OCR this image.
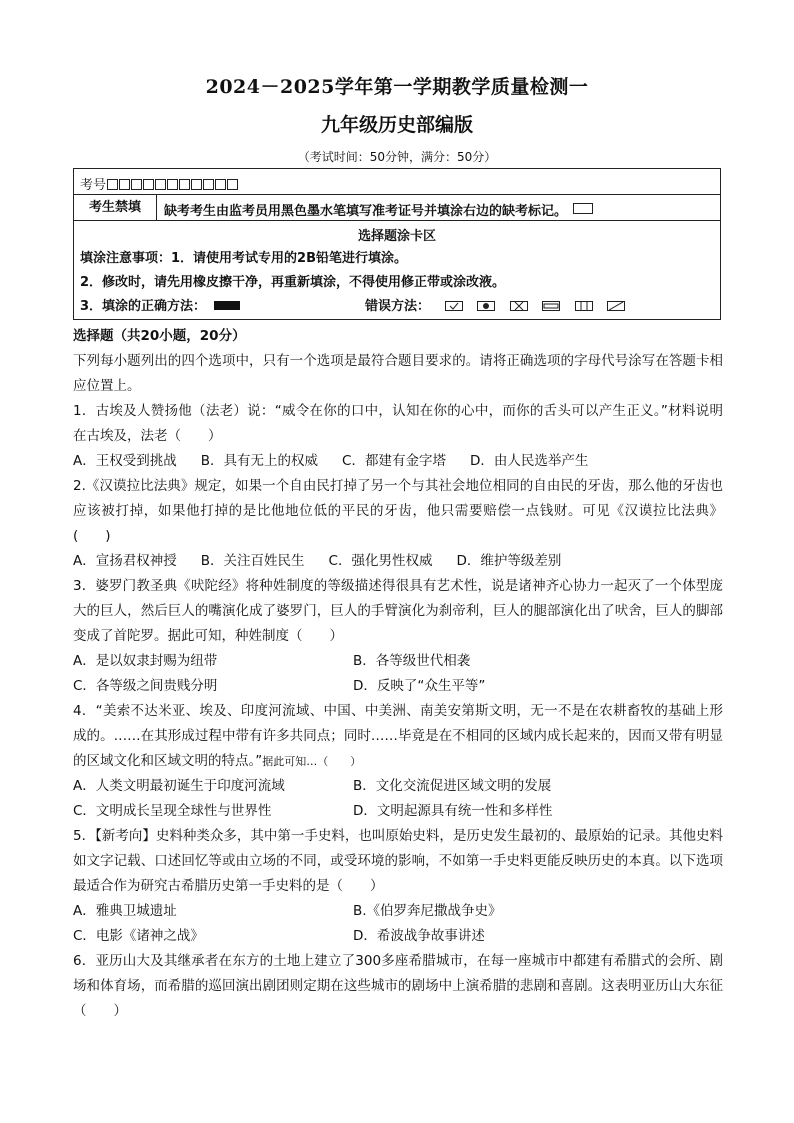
2024－2025学年第一学期教学质量检测一
九年级历史部编版
（考试时间：50分钟，满分：50分）
考号
考生禁填	缺考考生由监考员用黑色墨水笔填写准考证号并填涂右边的缺考标记。
选择题涂卡区
填涂注意事项：1．请使用考试专用的2B铅笔进行填涂。
2．修改时，请先用橡皮擦干净，再重新填涂，不得使用修正带或涂改液。
3．填涂的正确方法：	错误方法：

选择题（共20小题，20分）

下列每小题列出的四个选项中，只有一个选项是最符合题目要求的。请将正确选项的字母代号涂写在答题卡相应位置上。

1．古埃及人赞扬他（法老）说：“威令在你的口中，认知在你的心中，而你的舌头可以产生正义。”材料说明在古埃及，法老（　　）

A．王权受到挑战 B．具有无上的权威 C．都建有金字塔 D．由人民选举产生

2.《汉谟拉比法典》规定，如果一个自由民打掉了另一个与其社会地位相同的自由民的牙齿，那么他的牙齿也应该被打掉，如果他打掉的是比他地位低的平民的牙齿，他只需要赔偿一点钱财。可见《汉谟拉比法典》(　　)

A．宣扬君权神授 B．关注百姓民生 C．强化男性权威 D．维护等级差别

3．婆罗门教圣典《吠陀经》将种姓制度的等级描述得很具有艺术性，说是诸神齐心协力一起灭了一个体型庞大的巨人，然后巨人的嘴演化成了婆罗门，巨人的手臂演化为刹帝利，巨人的腿部演化出了吠舍，巨人的脚部变成了首陀罗。据此可知，种姓制度（　　）

A．是以奴隶封赐为纽带	B．各等级世代相袭
C．各等级之间贵贱分明	D．反映了“众生平等”

4．“美索不达米亚、埃及、印度河流域、中国、中美洲、南美安第斯文明，无一不是在农耕畜牧的基础上形成的。……在其形成过程中带有许多共同点；同时……毕竟是在不相同的区域内成长起来的，因而又带有明显的区域文化和区域文明的特点。”据此可知…（　　）

A．人类文明最初诞生于印度河流域	B．文化交流促进区域文明的发展
C．文明成长呈现全球性与世界性	D．文明起源具有统一性和多样性

5．【新考向】史料种类众多，其中第一手史料，也叫原始史料，是历史发生最初的、最原始的记录。其他史料如文字记载、口述回忆等或由立场的不同，或受环境的影响，不如第一手史料更能反映历史的本真。以下选项最适合作为研究古希腊历史第一手史料的是（　　）

A．雅典卫城遗址	B.《伯罗奔尼撒战争史》
C．电影《诸神之战》	D．希波战争故事讲述

6．亚历山大及其继承者在东方的土地上建立了300多座希腊城市，在每一座城市中都建有希腊式的会所、剧场和体育场，而希腊的巡回演出剧团则定期在这些城市的剧场中上演希腊的悲剧和喜剧。这表明亚历山大东征（　　）
